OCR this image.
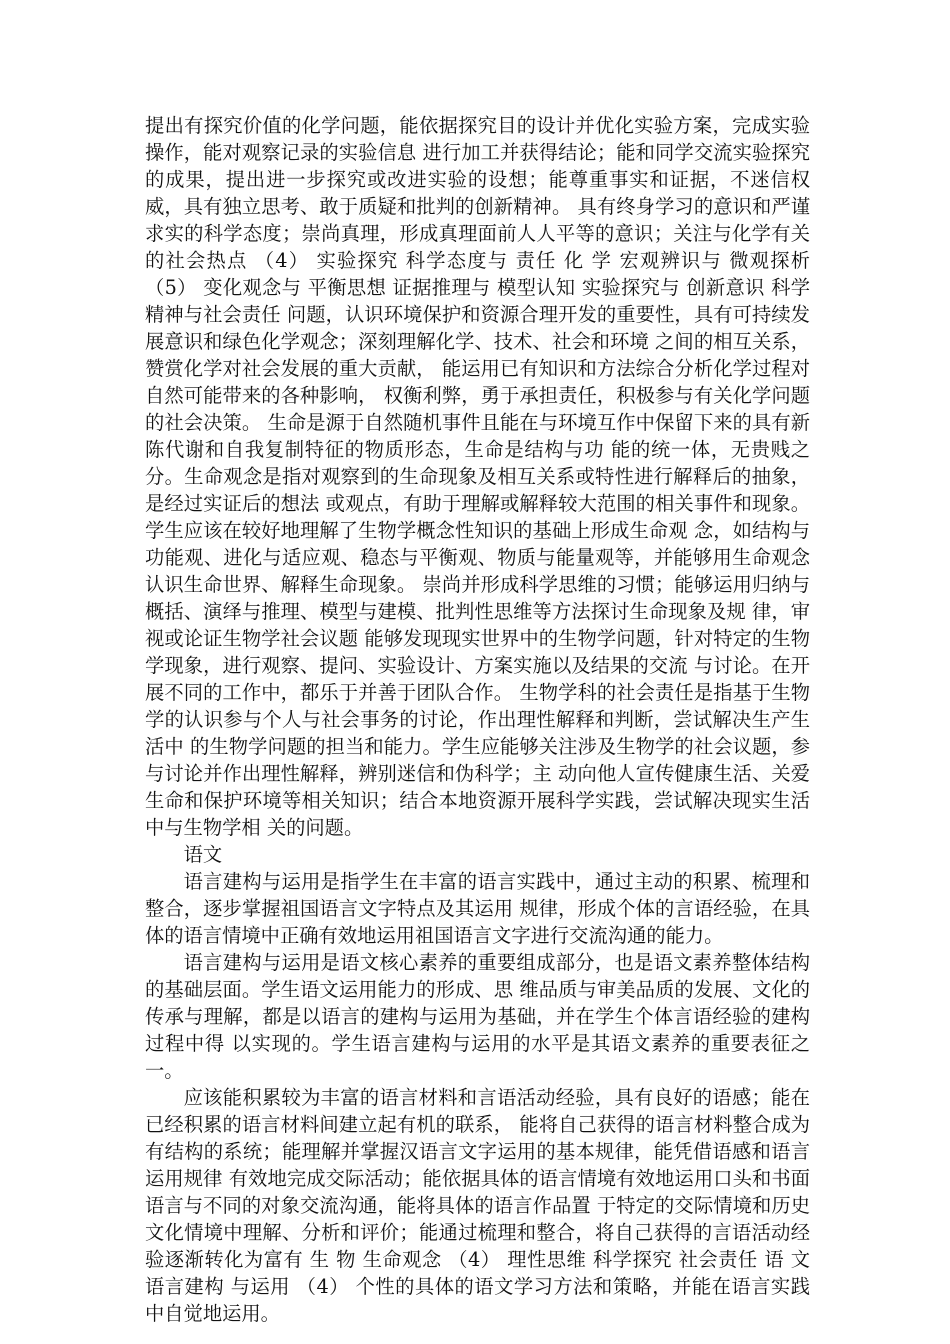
提出有探究价值的化学问题，能依据探究目的设计并优化实验方案，完成实验操作，能对观察记录的实验信息 进行加工并获得结论；能和同学交流实验探究的成果，提出进一步探究或改进实验的设想；能尊重事实和证据，不迷信权 威，具有独立思考、敢于质疑和批判的创新精神。 具有终身学习的意识和严谨求实的科学态度；崇尚真理，形成真理面前人人平等的意识；关注与化学有关的社会热点 （4） 实验探究 科学态度与 责任 化 学 宏观辨识与 微观探析 （5） 变化观念与 平衡思想 证据推理与 模型认知 实验探究与 创新意识 科学精神与社会责任 问题，认识环境保护和资源合理开发的重要性，具有可持续发展意识和绿色化学观念；深刻理解化学、技术、社会和环境 之间的相互关系， 赞赏化学对社会发展的重大贡献， 能运用已有知识和方法综合分析化学过程对自然可能带来的各种影响， 权衡利弊，勇于承担责任，积极参与有关化学问题的社会决策。 生命是源于自然随机事件且能在与环境互作中保留下来的具有新陈代谢和自我复制特征的物质形态，生命是结构与功 能的统一体，无贵贱之分。生命观念是指对观察到的生命现象及相互关系或特性进行解释后的抽象，是经过实证后的想法 或观点，有助于理解或解释较大范围的相关事件和现象。学生应该在较好地理解了生物学概念性知识的基础上形成生命观 念，如结构与功能观、进化与适应观、稳态与平衡观、物质与能量观等，并能够用生命观念认识生命世界、解释生命现象。 崇尚并形成科学思维的习惯；能够运用归纳与概括、演绎与推理、模型与建模、批判性思维等方法探讨生命现象及规 律，审视或论证生物学社会议题 能够发现现实世界中的生物学问题，针对特定的生物学现象，进行观察、提问、实验设计、方案实施以及结果的交流 与讨论。在开展不同的工作中，都乐于并善于团队合作。 生物学科的社会责任是指基于生物学的认识参与个人与社会事务的讨论，作出理性解释和判断，尝试解决生产生活中 的生物学问题的担当和能力。学生应能够关注涉及生物学的社会议题，参与讨论并作出理性解释，辨别迷信和伪科学；主 动向他人宣传健康生活、关爱生命和保护环境等相关知识；结合本地资源开展科学实践，尝试解决现实生活中与生物学相 关的问题。

语文

语言建构与运用是指学生在丰富的语言实践中，通过主动的积累、梳理和整合，逐步掌握祖国语言文字特点及其运用 规律，形成个体的言语经验，在具体的语言情境中正确有效地运用祖国语言文字进行交流沟通的能力。

语言建构与运用是语文核心素养的重要组成部分，也是语文素养整体结构的基础层面。学生语文运用能力的形成、思 维品质与审美品质的发展、文化的传承与理解，都是以语言的建构与运用为基础，并在学生个体言语经验的建构过程中得 以实现的。学生语言建构与运用的水平是其语文素养的重要表征之一。

应该能积累较为丰富的语言材料和言语活动经验，具有良好的语感；能在已经积累的语言材料间建立起有机的联系， 能将自己获得的语言材料整合成为有结构的系统；能理解并掌握汉语言文字运用的基本规律，能凭借语感和语言运用规律 有效地完成交际活动；能依据具体的语言情境有效地运用口头和书面语言与不同的对象交流沟通，能将具体的语言作品置 于特定的交际情境和历史文化情境中理解、分析和评价；能通过梳理和整合，将自己获得的言语活动经验逐渐转化为富有 生 物 生命观念 （4） 理性思维 科学探究 社会责任 语 文 语言建构 与运用 （4） 个性的具体的语文学习方法和策略，并能在语言实践中自觉地运用。
